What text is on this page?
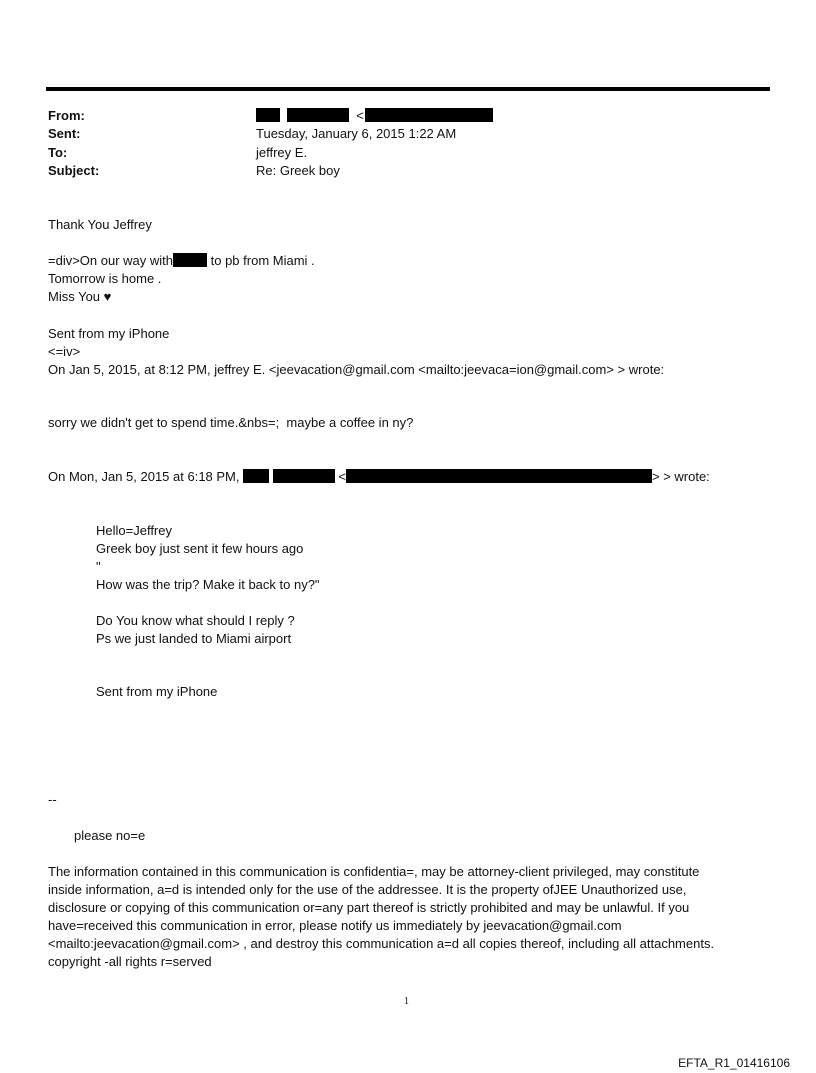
From:	<
Sent:	Tuesday, January 6, 2015 1:22 AM
To:	jeffrey E.
Subject:	Re: Greek boy
Thank You Jeffrey
=div>On our way with	to pb from Miami .
Tomorrow is home .
Miss You ♥
Sent from my iPhone
<=iv>
On Jan 5, 2015, at 8:12 PM, jeffrey E. <jeevacation@gmail.com <mailto:jeevaca=ion@gmail.com> > wrote:
sorry we didn't get to spend time.&nbs=;  maybe a coffee in ny?
On Mon, Jan 5, 2015 at 6:18 PM,	<	> > wrote:
Hello=Jeffrey
Greek boy just sent it few hours ago
"
How was the trip? Make it back to ny?"
Do You know what should I reply ?
Ps we just landed to Miami airport
Sent from my iPhone
--
please no=e
The information contained in this communication is confidentia=, may be attorney-client privileged, may constitute
inside information, a=d is intended only for the use of the addressee. It is the property ofJEE Unauthorized use,
disclosure or copying of this communication or=any part thereof is strictly prohibited and may be unlawful. If you
have=received this communication in error, please notify us immediately by jeevacation@gmail.com
<mailto:jeevacation@gmail.com> , and destroy this communication a=d all copies thereof, including all attachments.
copyright -all rights r=served
1
EFTA_R1_01416106
